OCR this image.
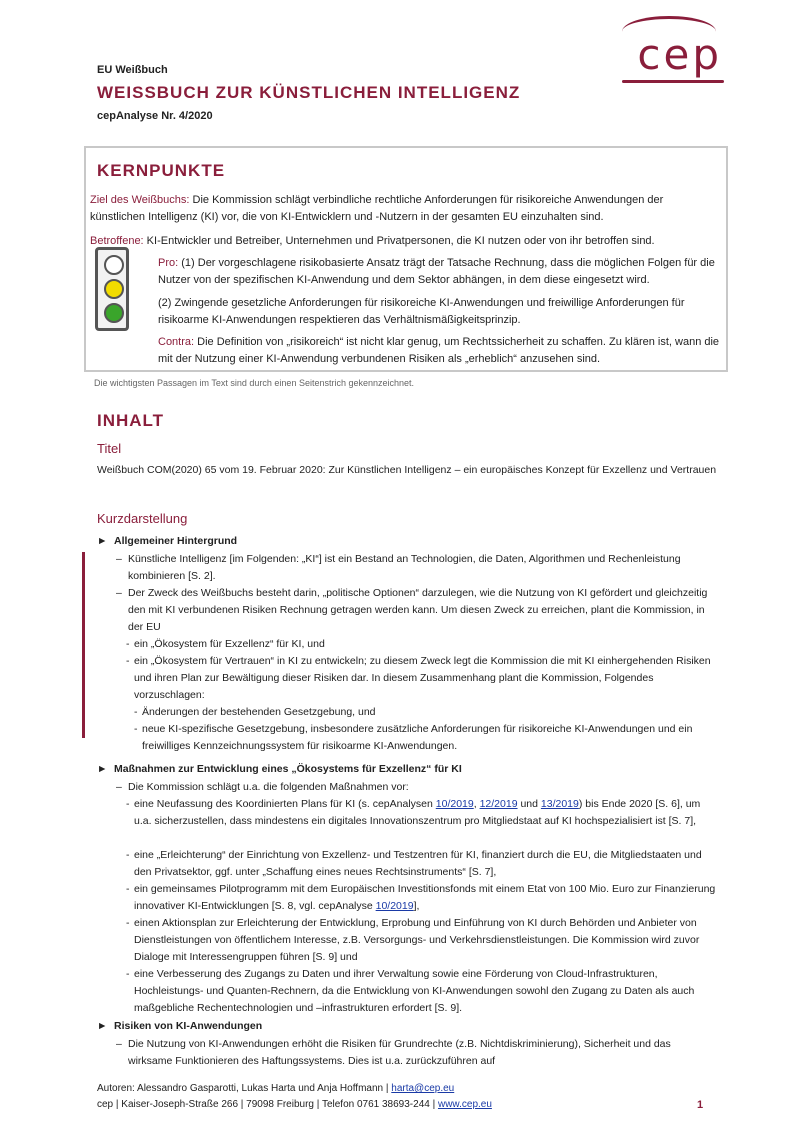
EU Weißbuch
WEISSBUCH ZUR KÜNSTLICHEN INTELLIGENZ
cepAnalyse Nr. 4/2020
cep
KERNPUNKTE
Ziel des Weißbuchs: Die Kommission schlägt verbindliche rechtliche Anforderungen für risikoreiche Anwendungen der künstlichen Intelligenz (KI) vor, die von KI-Entwicklern und -Nutzern in der gesamten EU einzuhalten sind.
Betroffene: KI-Entwickler und Betreiber, Unternehmen und Privatpersonen, die KI nutzen oder von ihr betroffen sind.
Pro: (1) Der vorgeschlagene risikobasierte Ansatz trägt der Tatsache Rechnung, dass die möglichen Folgen für die Nutzer von der spezifischen KI-Anwendung und dem Sektor abhängen, in dem diese eingesetzt wird.
(2) Zwingende gesetzliche Anforderungen für risikoreiche KI-Anwendungen und freiwillige Anforderungen für risikoarme KI-Anwendungen respektieren das Verhältnismäßigkeitsprinzip.
Contra: Die Definition von „risikoreich“ ist nicht klar genug, um Rechtssicherheit zu schaffen. Zu klären ist, wann die mit der Nutzung einer KI-Anwendung verbundenen Risiken als „erheblich“ anzusehen sind.
Die wichtigsten Passagen im Text sind durch einen Seitenstrich gekennzeichnet.
INHALT
Titel
Weißbuch COM(2020) 65 vom 19. Februar 2020: Zur Künstlichen Intelligenz – ein europäisches Konzept für Exzellenz und Vertrauen
Kurzdarstellung
► Allgemeiner Hintergrund
– Künstliche Intelligenz [im Folgenden: „KI“] ist ein Bestand an Technologien, die Daten, Algorithmen und Rechenleistung kombinieren [S. 2].
– Der Zweck des Weißbuchs besteht darin, „politische Optionen“ darzulegen, wie die Nutzung von KI gefördert und gleichzeitig den mit KI verbundenen Risiken Rechnung getragen werden kann. Um diesen Zweck zu erreichen, plant die Kommission, in der EU
- ein „Ökosystem für Exzellenz“ für KI, und
- ein „Ökosystem für Vertrauen“ in KI zu entwickeln; zu diesem Zweck legt die Kommission die mit KI einhergehenden Risiken und ihren Plan zur Bewältigung dieser Risiken dar. In diesem Zusammenhang plant die Kommission, Folgendes vorzuschlagen:
- Änderungen der bestehenden Gesetzgebung, und
- neue KI-spezifische Gesetzgebung, insbesondere zusätzliche Anforderungen für risikoreiche KI-Anwendungen und ein freiwilliges Kennzeichnungssystem für risikoarme KI-Anwendungen.
► Maßnahmen zur Entwicklung eines „Ökosystems für Exzellenz“ für KI
– Die Kommission schlägt u.a. die folgenden Maßnahmen vor:
- eine Neufassung des Koordinierten Plans für KI (s. cepAnalysen 10/2019, 12/2019 und 13/2019) bis Ende 2020 [S. 6], um u.a. sicherzustellen, dass mindestens ein digitales Innovationszentrum pro Mitgliedstaat auf KI hochspezialisiert ist [S. 7],
- eine „Erleichterung“ der Einrichtung von Exzellenz- und Testzentren für KI, finanziert durch die EU, die Mitgliedstaaten und den Privatsektor, ggf. unter „Schaffung eines neues Rechtsinstruments“ [S. 7],
- ein gemeinsames Pilotprogramm mit dem Europäischen Investitionsfonds mit einem Etat von 100 Mio. Euro zur Finanzierung innovativer KI-Entwicklungen [S. 8, vgl. cepAnalyse 10/2019],
- einen Aktionsplan zur Erleichterung der Entwicklung, Erprobung und Einführung von KI durch Behörden und Anbieter von Dienstleistungen von öffentlichem Interesse, z.B. Versorgungs- und Verkehrsdienstleistungen. Die Kommission wird zuvor Dialoge mit Interessengruppen führen [S. 9] und
- eine Verbesserung des Zugangs zu Daten und ihrer Verwaltung sowie eine Förderung von Cloud-Infrastrukturen, Hochleistungs- und Quanten-Rechnern, da die Entwicklung von KI-Anwendungen sowohl den Zugang zu Daten als auch maßgebliche Rechentechnologien und –infrastrukturen erfordert [S. 9].
► Risiken von KI-Anwendungen
– Die Nutzung von KI-Anwendungen erhöht die Risiken für Grundrechte (z.B. Nichtdiskriminierung), Sicherheit und das wirksame Funktionieren des Haftungssystems. Dies ist u.a. zurückzuführen auf
Autoren: Alessandro Gasparotti, Lukas Harta und Anja Hoffmann | harta@cep.eu
cep | Kaiser-Joseph-Straße 266 | 79098 Freiburg | Telefon 0761 38693-244 | www.cep.eu	1
